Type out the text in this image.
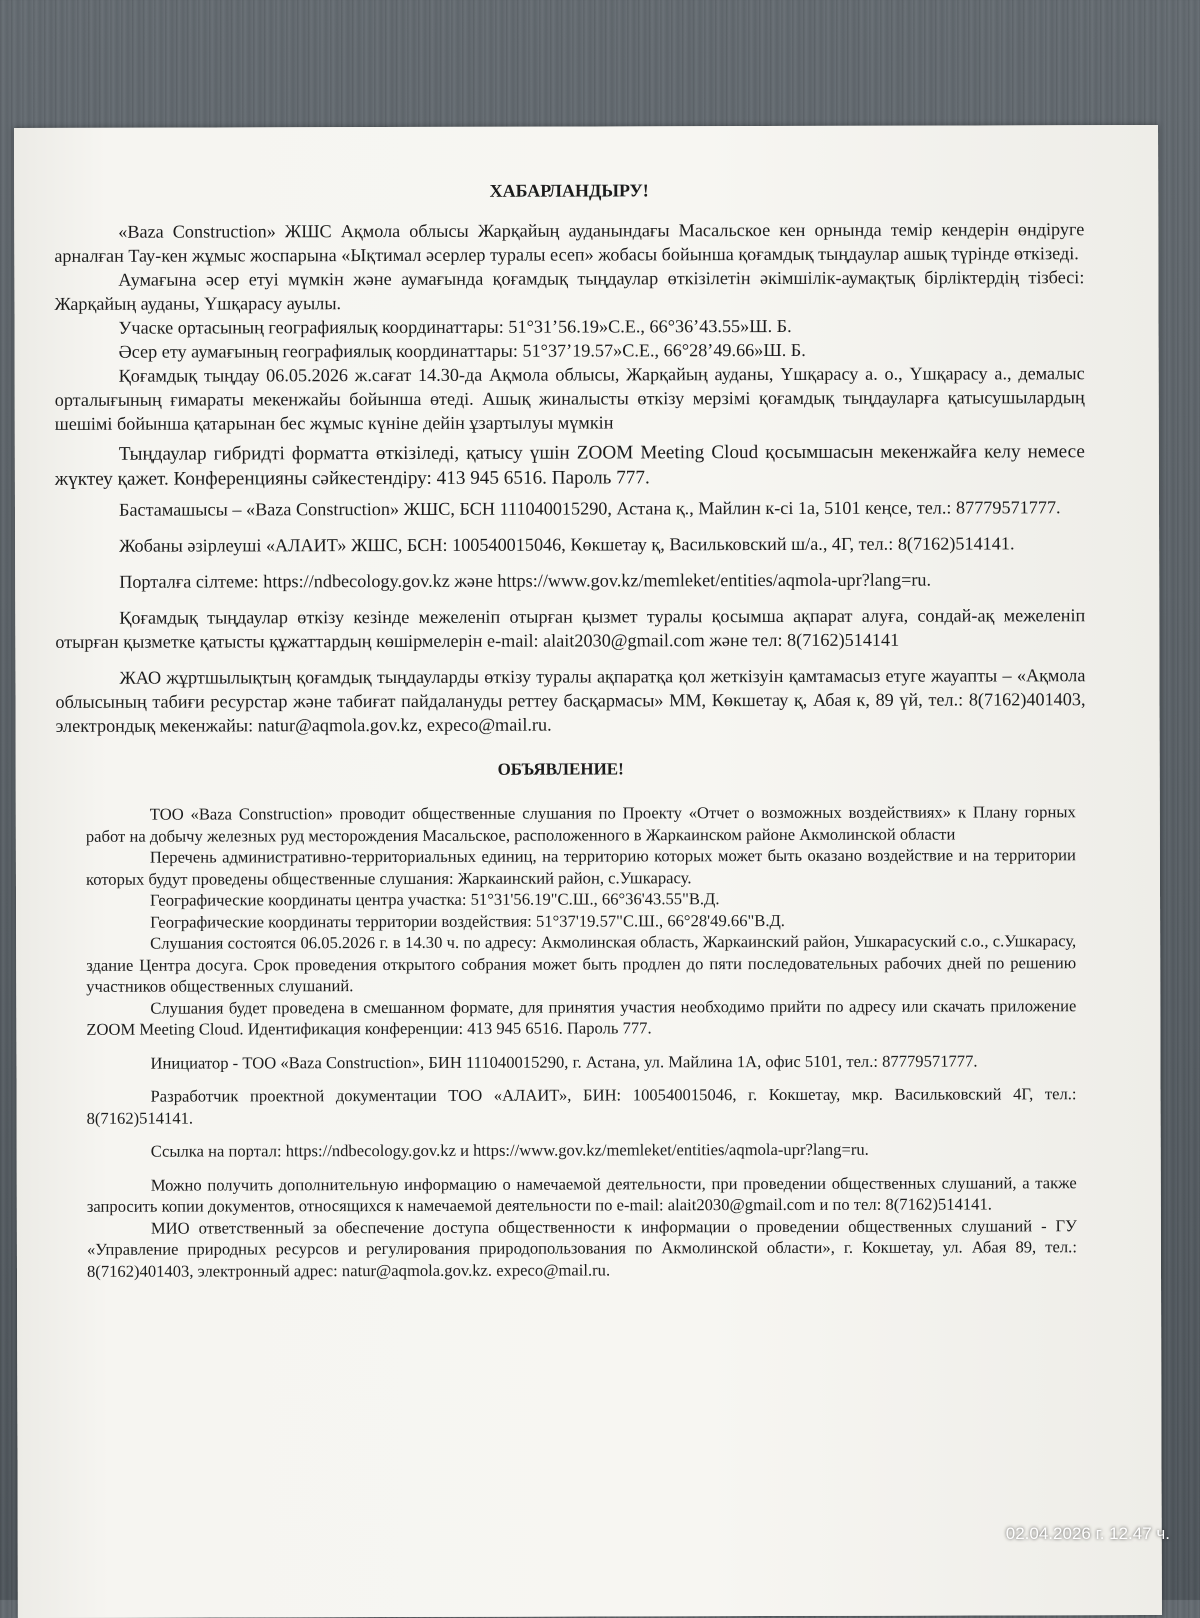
ХАБАРЛАНДЫРУ!

«Baza Construction» ЖШС Ақмола облысы Жарқайың ауданындағы Масальское кен орнында темір кендерін өндіруге арналған Тау-кен жұмыс жоспарына «Ықтимал әсерлер туралы есеп» жобасы бойынша қоғамдық тыңдаулар ашық түрінде өткізеді.

Аумағына әсер етуі мүмкін және аумағында қоғамдық тыңдаулар өткізілетін әкімшілік-аумақтық бірліктердің тізбесі: Жарқайың ауданы, Үшқарасу ауылы.

Учаске ортасының географиялық координаттары: 51°31’56.19»С.Е., 66°36’43.55»Ш. Б.

Әсер ету аумағының географиялық координаттары: 51°37’19.57»С.Е., 66°28’49.66»Ш. Б.

Қоғамдық тыңдау 06.05.2026 ж.сағат 14.30-да Ақмола облысы, Жарқайың ауданы, Үшқарасу а. о., Үшқарасу а., демалыс орталығының ғимараты мекенжайы бойынша өтеді. Ашық жиналысты өткізу мерзімі қоғамдық тыңдауларға қатысушылардың шешімі бойынша қатарынан бес жұмыс күніне дейін ұзартылуы мүмкін

Тыңдаулар гибридті форматта өткізіледі, қатысу үшін ZOOM Meeting Cloud қосымшасын мекенжайға келу немесе жүктеу қажет. Конференцияны сәйкестендіру: 413 945 6516. Пароль 777.

Бастамашысы – «Baza Construction» ЖШС, БСН 111040015290, Астана қ., Майлин к-сі 1а, 5101 кеңсе, тел.: 87779571777.

Жобаны әзірлеуші «АЛАИТ» ЖШС, БСН: 100540015046, Көкшетау қ, Васильковский ш/а., 4Г, тел.: 8(7162)514141.

Порталға сілтеме: https://ndbecology.gov.kz және https://www.gov.kz/memleket/entities/aqmola-upr?lang=ru.

Қоғамдық тыңдаулар өткізу кезінде межеленіп отырған қызмет туралы қосымша ақпарат алуға, сондай-ақ межеленіп отырған қызметке қатысты құжаттардың көшірмелерін e-mail: alait2030@gmail.com және тел: 8(7162)514141

ЖАО жұртшылықтың қоғамдық тыңдауларды өткізу туралы ақпаратқа қол жеткізуін қамтамасыз етуге жауапты – «Ақмола облысының табиғи ресурстар және табиғат пайдалануды реттеу басқармасы» ММ, Көкшетау қ, Абая к, 89 үй, тел.: 8(7162)401403, электрондық мекенжайы: natur@aqmola.gov.kz, expeco@mail.ru.

ОБЪЯВЛЕНИЕ!

ТОО «Baza Construction» проводит общественные слушания по Проекту «Отчет о возможных воздействиях» к Плану горных работ на добычу железных руд месторождения Масальское, расположенного в Жаркаинском районе Акмолинской области

Перечень административно-территориальных единиц, на территорию которых может быть оказано воздействие и на территории которых будут проведены общественные слушания: Жаркаинский район, с.Ушкарасу.

Географические координаты центра участка: 51°31'56.19"С.Ш., 66°36'43.55"В.Д.

Географические координаты территории воздействия: 51°37'19.57"С.Ш., 66°28'49.66"В.Д.

Слушания состоятся 06.05.2026 г. в 14.30 ч. по адресу: Акмолинская область, Жаркаинский район, Ушкарасуский с.о., с.Ушкарасу, здание Центра досуга. Срок проведения открытого собрания может быть продлен до пяти последовательных рабочих дней по решению участников общественных слушаний.

Слушания будет проведена в смешанном формате, для принятия участия необходимо прийти по адресу или скачать приложение ZOOM Meeting Cloud. Идентификация конференции: 413 945 6516. Пароль 777.

Инициатор - ТОО «Baza Construction», БИН 111040015290, г. Астана, ул. Майлина 1А, офис 5101, тел.: 87779571777.

Разработчик проектной документации ТОО «АЛАИТ», БИН: 100540015046, г. Кокшетау, мкр. Васильковский 4Г, тел.: 8(7162)514141.

Ссылка на портал: https://ndbecology.gov.kz и https://www.gov.kz/memleket/entities/aqmola-upr?lang=ru.

Можно получить дополнительную информацию о намечаемой деятельности, при проведении общественных слушаний, а также запросить копии документов, относящихся к намечаемой деятельности по e-mail: alait2030@gmail.com и по тел: 8(7162)514141.

МИО ответственный за обеспечение доступа общественности к информации о проведении общественных слушаний - ГУ «Управление природных ресурсов и регулирования природопользования по Акмолинской области», г. Кокшетау, ул. Абая 89, тел.: 8(7162)401403, электронный адрес: natur@aqmola.gov.kz. expeco@mail.ru.

02.04.2026 г. 12.47 ч.
